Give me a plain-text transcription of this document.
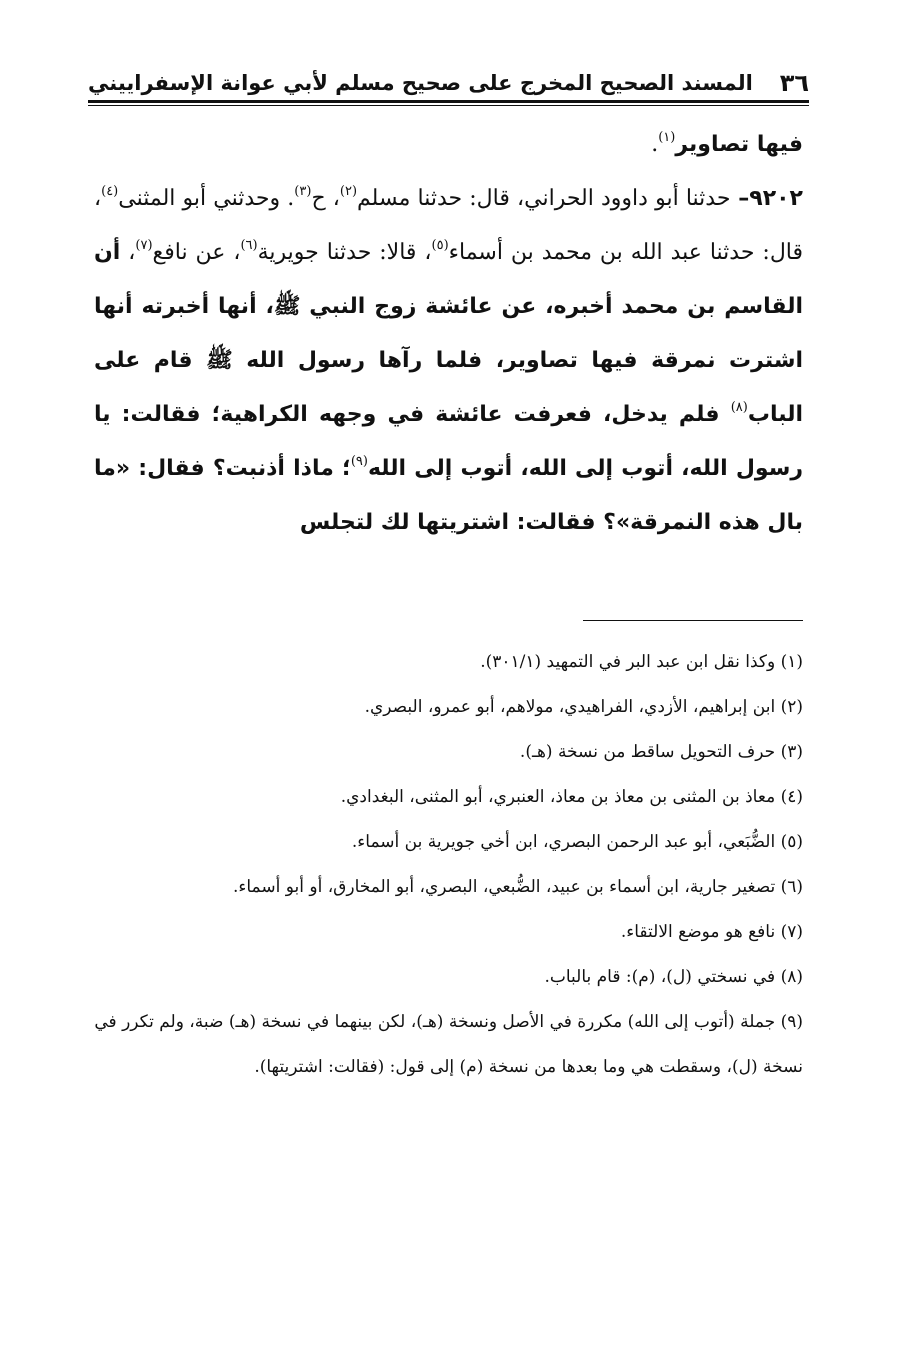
٣٦
المسند الصحيح المخرج على صحيح مسلم لأبي عوانة الإسفراييني

فيها تصاوير$^{(١)}$.

٩٢٠٢– حدثنا أبو داوود الحراني، قال: حدثنا مسلم$^{(٢)}$، ح$^{(٣)}$. وحدثني أبو المثنى$^{(٤)}$، قال: حدثنا عبد الله بن محمد بن أسماء$^{(٥)}$، قالا: حدثنا جويرية$^{(٦)}$، عن نافع$^{(٧)}$، أن القاسم بن محمد أخبره، عن عائشة زوج النبي ﷺ، أنها أخبرته أنها اشترت نمرقة فيها تصاوير، فلما رآها رسول الله ﷺ قام على الباب$^{(٨)}$ فلم يدخل، فعرفت عائشة في وجهه الكراهية؛ فقالت: يا رسول الله، أتوب إلى الله، أتوب إلى الله$^{(٩)}$؛ ماذا أذنبت؟ فقال: «ما بال هذه النمرقة»؟ فقالت: اشتريتها لك لتجلس

(١) وكذا نقل ابن عبد البر في التمهيد (٣٠١/١).

(٢) ابن إبراهيم، الأزدي، الفراهيدي، مولاهم، أبو عمرو، البصري.

(٣) حرف التحويل ساقط من نسخة (هـ).

(٤) معاذ بن المثنى بن معاذ بن معاذ، العنبري، أبو المثنى، البغدادي.

(٥) الضُّبَعي، أبو عبد الرحمن البصري، ابن أخي جويرية بن أسماء.

(٦) تصغير جارية، ابن أسماء بن عبيد، الضُّبعي، البصري، أبو المخارق، أو أبو أسماء.

(٧) نافع هو موضع الالتقاء.

(٨) في نسختي (ل)، (م): قام بالباب.

(٩) جملة (أتوب إلى الله) مكررة في الأصل ونسخة (هـ)، لكن بينهما في نسخة (هـ) ضبة، ولم تكرر في نسخة (ل)، وسقطت هي وما بعدها من نسخة (م) إلى قول: (فقالت: اشتريتها).
